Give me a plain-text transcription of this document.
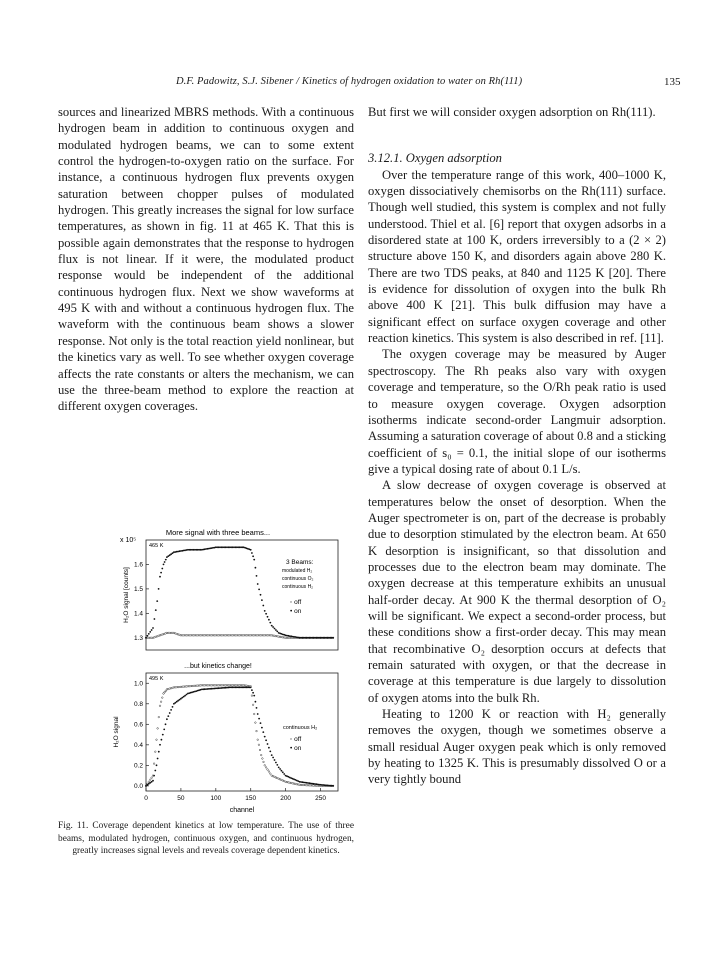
D.F. Padowitz, S.J. Sibener / Kinetics of hydrogen oxidation to water on Rh(111)	135

sources and linearized MBRS methods. With a continuous hydrogen beam in addition to continuous oxygen and modulated hydrogen beams, we can to some extent control the hydrogen-to-oxygen ratio on the surface. For instance, a continuous hydrogen flux prevents oxygen saturation between chopper pulses of modulated hydrogen. This greatly increases the signal for low surface temperatures, as shown in fig. 11 at 465 K. That this is possible again demonstrates that the response to hydrogen flux is not linear. If it were, the modulated product response would be independent of the additional continuous hydrogen flux. Next we show waveforms at 495 K with and without a continuous hydrogen flux. The waveform with the continuous beam shows a slower response. Not only is the total reaction yield nonlinear, but the kinetics vary as well. To see whether oxygen coverage affects the rate constants or alters the mechanism, we can use the three-beam method to explore the reaction at different oxygen coverages.

But first we will consider oxygen adsorption on Rh(111).

3.12.1. Oxygen adsorption

Over the temperature range of this work, 400–1000 K, oxygen dissociatively chemisorbs on the Rh(111) surface. Though well studied, this system is complex and not fully understood. Thiel et al. [6] report that oxygen adsorbs in a disordered state at 100 K, orders irreversibly to a (2 × 2) structure above 150 K, and disorders again above 280 K. There are two TDS peaks, at 840 and 1125 K [20]. There is evidence for dissolution of oxygen into the bulk Rh above 400 K [21]. This bulk diffusion may have a significant effect on surface oxygen coverage and other reaction kinetics. This system is also described in ref. [11].

The oxygen coverage may be measured by Auger spectroscopy. The Rh peaks also vary with oxygen coverage and temperature, so the O/Rh peak ratio is used to measure oxygen coverage. Oxygen adsorption isotherms indicate second-order Langmuir adsorption. Assuming a saturation coverage of about 0.8 and a sticking coefficient of s₀ = 0.1, the initial slope of our isotherms give a typical dosing rate of about 0.1 L/s.

A slow decrease of oxygen coverage is observed at temperatures below the onset of desorption. When the Auger spectrometer is on, part of the decrease is probably due to desorption stimulated by the electron beam. At 650 K desorption is insignificant, so that dissolution and processes due to the electron beam may dominate. The oxygen decrease at this temperature exhibits an unusual half-order decay. At 900 K the thermal desorption of O₂ will be significant. We expect a second-order process, but these conditions show a first-order decay. This may mean that recombinative O₂ desorption occurs at defects that remain saturated with oxygen, or that the decrease in coverage at this temperature is due largely to dissolution of oxygen atoms into the bulk Rh.

Heating to 1200 K or reaction with H₂ generally removes the oxygen, though we sometimes observe a small residual Auger oxygen peak which is only removed by heating to 1325 K. This is presumably dissolved O or a very tightly bound

More signal with three beams...
x 10⁵
H₂O signal [counts]
465 K
3 Beams:
modulated H₂
continuous O₂
continuous H₂
◦ off
• on
1.6
1.5
1.4
1.3
...but kinetics change!
H₂O signal
495 K
continuous H₂
◦ off
• on
1.0
0.8
0.6
0.4
0.2
0.0
0	50	100	150	200	250
channel
Fig. 11. Coverage dependent kinetics at low temperature. The use of three beams, modulated hydrogen, continuous oxygen, and continuous hydrogen, greatly increases signal levels and reveals coverage dependent kinetics.
